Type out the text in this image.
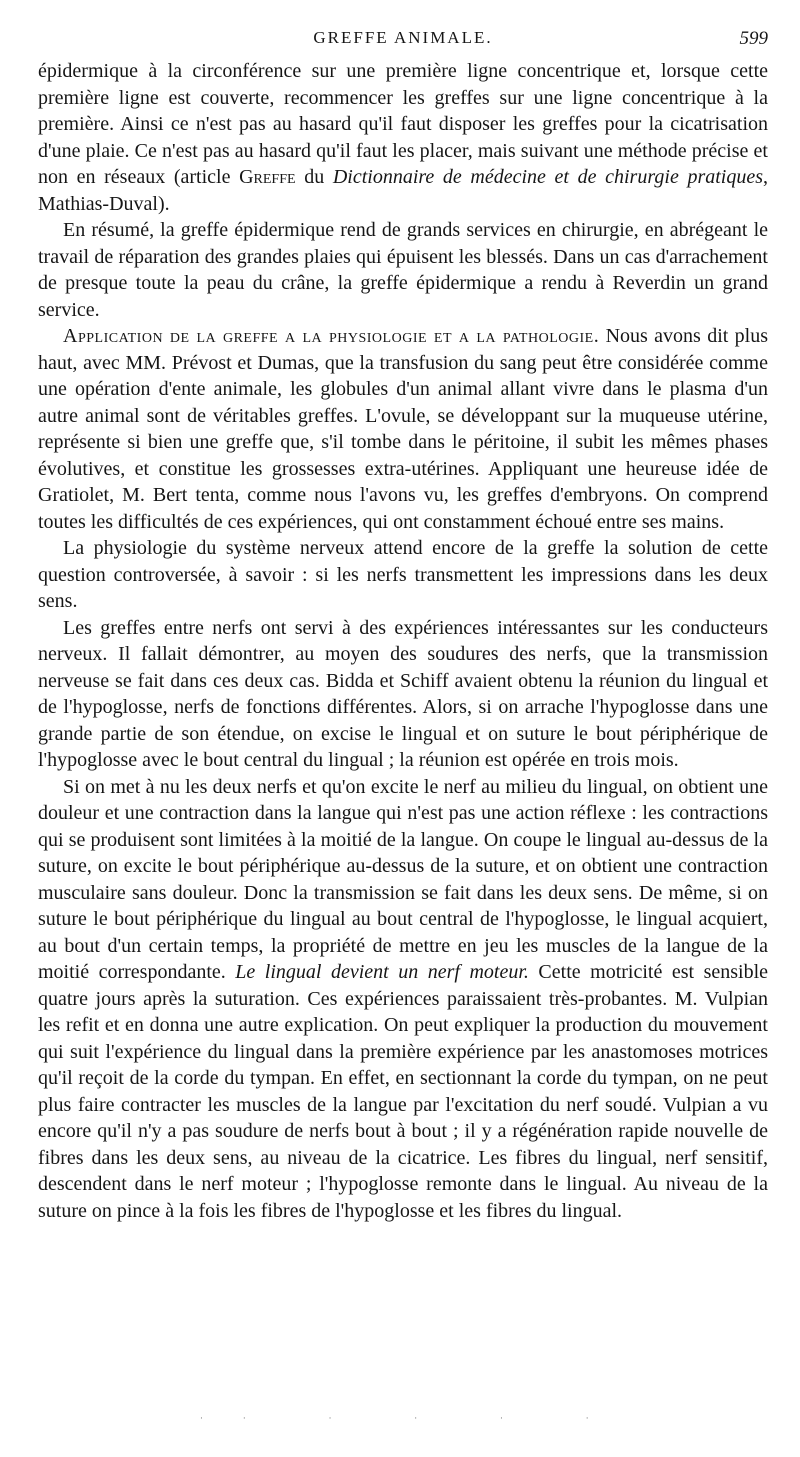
GREFFE ANIMALE.	599

épidermique à la circonférence sur une première ligne concentrique et, lorsque cette première ligne est couverte, recommencer les greffes sur une ligne concentrique à la première. Ainsi ce n'est pas au hasard qu'il faut disposer les greffes pour la cicatrisation d'une plaie. Ce n'est pas au hasard qu'il faut les placer, mais suivant une méthode précise et non en réseaux (article Greffe du Dictionnaire de médecine et de chirurgie pratiques, Mathias-Duval).

En résumé, la greffe épidermique rend de grands services en chirurgie, en abrégeant le travail de réparation des grandes plaies qui épuisent les blessés. Dans un cas d'arrachement de presque toute la peau du crâne, la greffe épidermique a rendu à Reverdin un grand service.

Application de la greffe a la physiologie et a la pathologie. Nous avons dit plus haut, avec MM. Prévost et Dumas, que la transfusion du sang peut être considérée comme une opération d'ente animale, les globules d'un animal allant vivre dans le plasma d'un autre animal sont de véritables greffes. L'ovule, se développant sur la muqueuse utérine, représente si bien une greffe que, s'il tombe dans le péritoine, il subit les mêmes phases évolutives, et constitue les grossesses extra-utérines. Appliquant une heureuse idée de Gratiolet, M. Bert tenta, comme nous l'avons vu, les greffes d'embryons. On comprend toutes les difficultés de ces expériences, qui ont constamment échoué entre ses mains.

La physiologie du système nerveux attend encore de la greffe la solution de cette question controversée, à savoir : si les nerfs transmettent les impressions dans les deux sens.

Les greffes entre nerfs ont servi à des expériences intéressantes sur les conducteurs nerveux. Il fallait démontrer, au moyen des soudures des nerfs, que la transmission nerveuse se fait dans ces deux cas. Bidda et Schiff avaient obtenu la réunion du lingual et de l'hypoglosse, nerfs de fonctions différentes. Alors, si on arrache l'hypoglosse dans une grande partie de son étendue, on excise le lingual et on suture le bout périphérique de l'hypoglosse avec le bout central du lingual ; la réunion est opérée en trois mois.

Si on met à nu les deux nerfs et qu'on excite le nerf au milieu du lingual, on obtient une douleur et une contraction dans la langue qui n'est pas une action réflexe : les contractions qui se produisent sont limitées à la moitié de la langue. On coupe le lingual au-dessus de la suture, on excite le bout périphérique au-dessus de la suture, et on obtient une contraction musculaire sans douleur. Donc la transmission se fait dans les deux sens. De même, si on suture le bout périphérique du lingual au bout central de l'hypoglosse, le lingual acquiert, au bout d'un certain temps, la propriété de mettre en jeu les muscles de la langue de la moitié correspondante. Le lingual devient un nerf moteur. Cette motricité est sensible quatre jours après la suturation. Ces expériences paraissaient très-probantes. M. Vulpian les refit et en donna une autre explication. On peut expliquer la production du mouvement qui suit l'expérience du lingual dans la première expérience par les anastomoses motrices qu'il reçoit de la corde du tympan. En effet, en sectionnant la corde du tympan, on ne peut plus faire contracter les muscles de la langue par l'excitation du nerf soudé. Vulpian a vu encore qu'il n'y a pas soudure de nerfs bout à bout ; il y a régénération rapide nouvelle de fibres dans les deux sens, au niveau de la cicatrice. Les fibres du lingual, nerf sensitif, descendent dans le nerf moteur ; l'hypoglosse remonte dans le lingual. Au niveau de la suture on pince à la fois les fibres de l'hypoglosse et les fibres du lingual.

·· · · · ·
